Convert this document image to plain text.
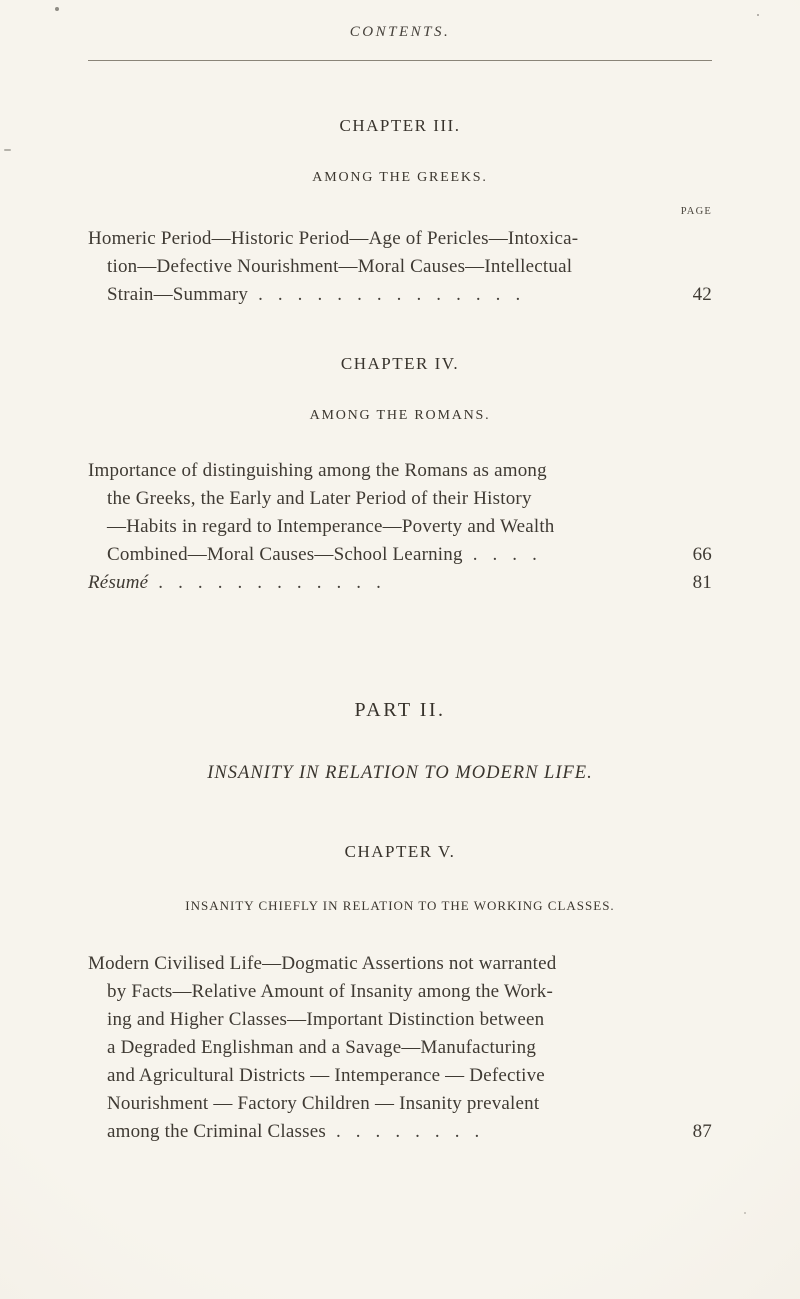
CONTENTS.
CHAPTER III.
AMONG THE GREEKS.
PAGE
Homeric Period—Historic Period—Age of Pericles—Intoxica-
tion—Defective Nourishment—Moral Causes—Intellectual
Strain—Summary .   .   .   .   .   .   .   .   .   .   .   .   .   .	42
CHAPTER IV.
AMONG THE ROMANS.
Importance of distinguishing among the Romans as among
the Greeks, the Early and Later Period of their History
—Habits in regard to Intemperance—Poverty and Wealth
Combined—Moral Causes—School Learning .   .   .   .	66
Résumé .   .   .   .   .   .   .   .   .   .   .   .	81
PART II.
INSANITY IN RELATION TO MODERN LIFE.
CHAPTER V.
INSANITY CHIEFLY IN RELATION TO THE WORKING CLASSES.
Modern Civilised Life—Dogmatic Assertions not warranted
by Facts—Relative Amount of Insanity among the Work-
ing and Higher Classes—Important Distinction between
a Degraded Englishman and a Savage—Manufacturing
and Agricultural Districts — Intemperance — Defective
Nourishment — Factory Children — Insanity prevalent
among the Criminal Classes .   .   .   .   .   .   .   .	87
